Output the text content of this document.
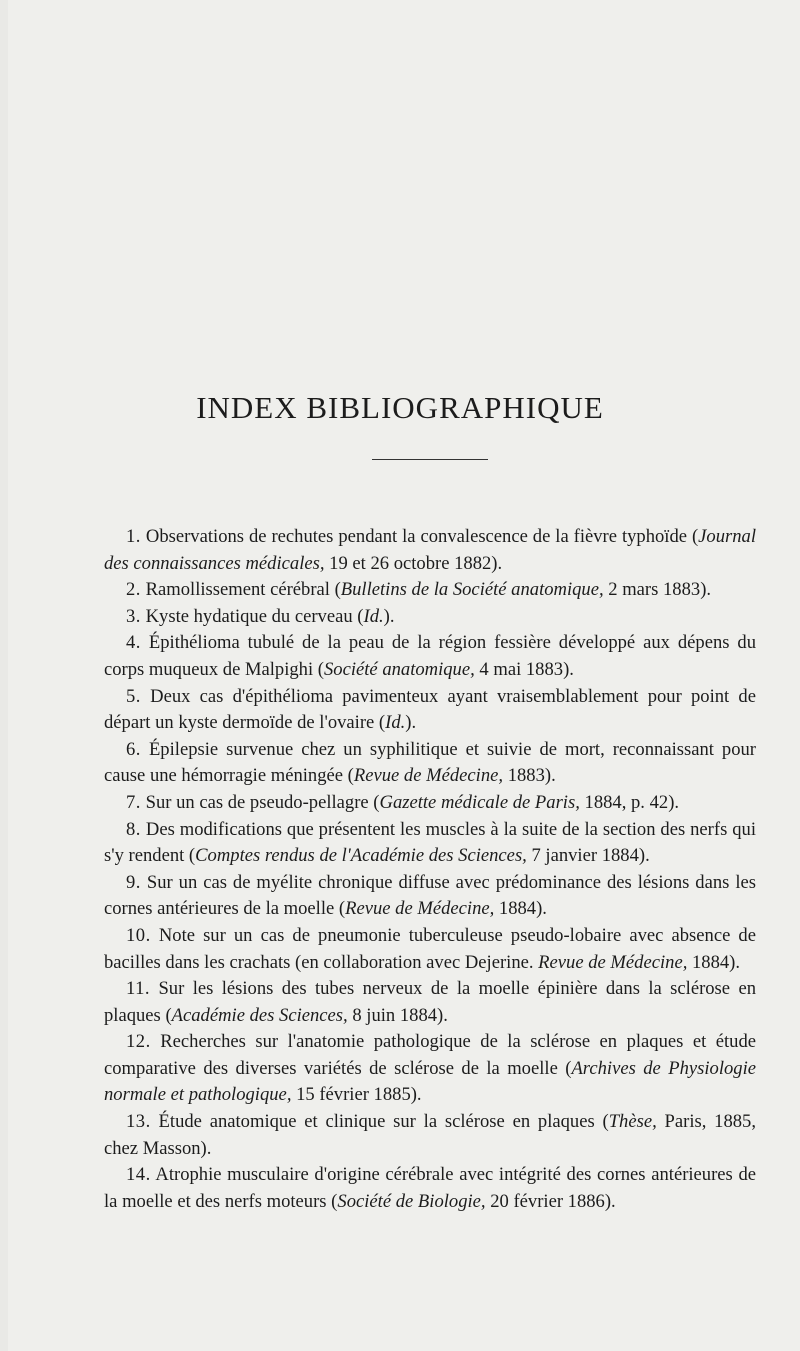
INDEX BIBLIOGRAPHIQUE

1. Observations de rechutes pendant la convalescence de la fièvre typhoïde (Journal des connaissances médicales, 19 et 26 octobre 1882).

2. Ramollissement cérébral (Bulletins de la Société anatomique, 2 mars 1883).

3. Kyste hydatique du cerveau (Id.).

4. Épithélioma tubulé de la peau de la région fessière développé aux dépens du corps muqueux de Malpighi (Société anatomique, 4 mai 1883).

5. Deux cas d'épithélioma pavimenteux ayant vraisemblablement pour point de départ un kyste dermoïde de l'ovaire (Id.).

6. Épilepsie survenue chez un syphilitique et suivie de mort, reconnaissant pour cause une hémorragie méningée (Revue de Médecine, 1883).

7. Sur un cas de pseudo-pellagre (Gazette médicale de Paris, 1884, p. 42).

8. Des modifications que présentent les muscles à la suite de la section des nerfs qui s'y rendent (Comptes rendus de l'Académie des Sciences, 7 janvier 1884).

9. Sur un cas de myélite chronique diffuse avec prédominance des lésions dans les cornes antérieures de la moelle (Revue de Médecine, 1884).

10. Note sur un cas de pneumonie tuberculeuse pseudo-lobaire avec absence de bacilles dans les crachats (en collaboration avec Dejerine. Revue de Médecine, 1884).

11. Sur les lésions des tubes nerveux de la moelle épinière dans la sclérose en plaques (Académie des Sciences, 8 juin 1884).

12. Recherches sur l'anatomie pathologique de la sclérose en plaques et étude comparative des diverses variétés de sclérose de la moelle (Archives de Physiologie normale et pathologique, 15 février 1885).

13. Étude anatomique et clinique sur la sclérose en plaques (Thèse, Paris, 1885, chez Masson).

14. Atrophie musculaire d'origine cérébrale avec intégrité des cornes antérieures de la moelle et des nerfs moteurs (Société de Biologie, 20 février 1886).
